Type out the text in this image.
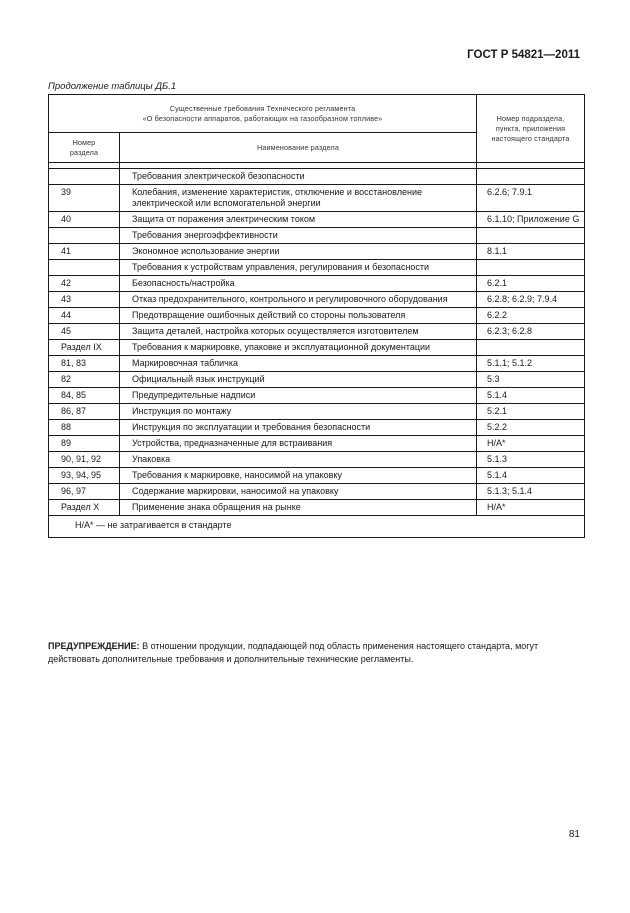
ГОСТ Р 54821—2011
Продолжение таблицы ДБ.1
Существенные требования Технического регламента
«О безопасности аппаратов, работающих на газообразном топливе»		Номер подраздела,
пункта, приложения
настоящего стандарта
Номер
раздела	Наименование раздела	

	Требования электрической безопасности	
39	Колебания, изменение характеристик, отключение и восстановление электрической или вспомогательной энергии	6.2.6; 7.9.1
40	Защита от поражения электрическим током	6.1.10; Приложение G
	Требования энергоэффективности	
41	Экономное использование энергии	8.1.1
	Требования к устройствам управления, регулирования и безопасности	
42	Безопасность/настройка	6.2.1
43	Отказ предохранительного, контрольного и регулировочного оборудования	6.2.8; 6.2.9; 7.9.4
44	Предотвращение ошибочных действий со стороны пользователя	6.2.2
45	Защита деталей, настройка которых осуществляется изготовителем	6.2.3; 6.2.8
Раздел IX	Требования к маркировке, упаковке и эксплуатационной документации	
81, 83	Маркировочная табличка	5.1.1; 5.1.2
82	Официальный язык инструкций	5.3
84, 85	Предупредительные надписи	5.1.4
86, 87	Инструкция по монтажу	5.2.1
88	Инструкция по эксплуатации и требования безопасности	5.2.2
89	Устройства, предназначенные для встраивания	Н/А*
90, 91, 92	Упаковка	5.1.3
93, 94, 95	Требования к маркировке, наносимой на упаковку	5.1.4
96, 97	Содержание маркировки, наносимой на упаковку	5.1.3; 5.1.4
Раздел X	Применение знака обращения на рынке	Н/А*
Н/А* — не затрагивается в стандарте		
ПРЕДУПРЕЖДЕНИЕ: В отношении продукции, подпадающей под область применения настоящего стандарта, могут действовать дополнительные требования и дополнительные технические регламенты.
81
